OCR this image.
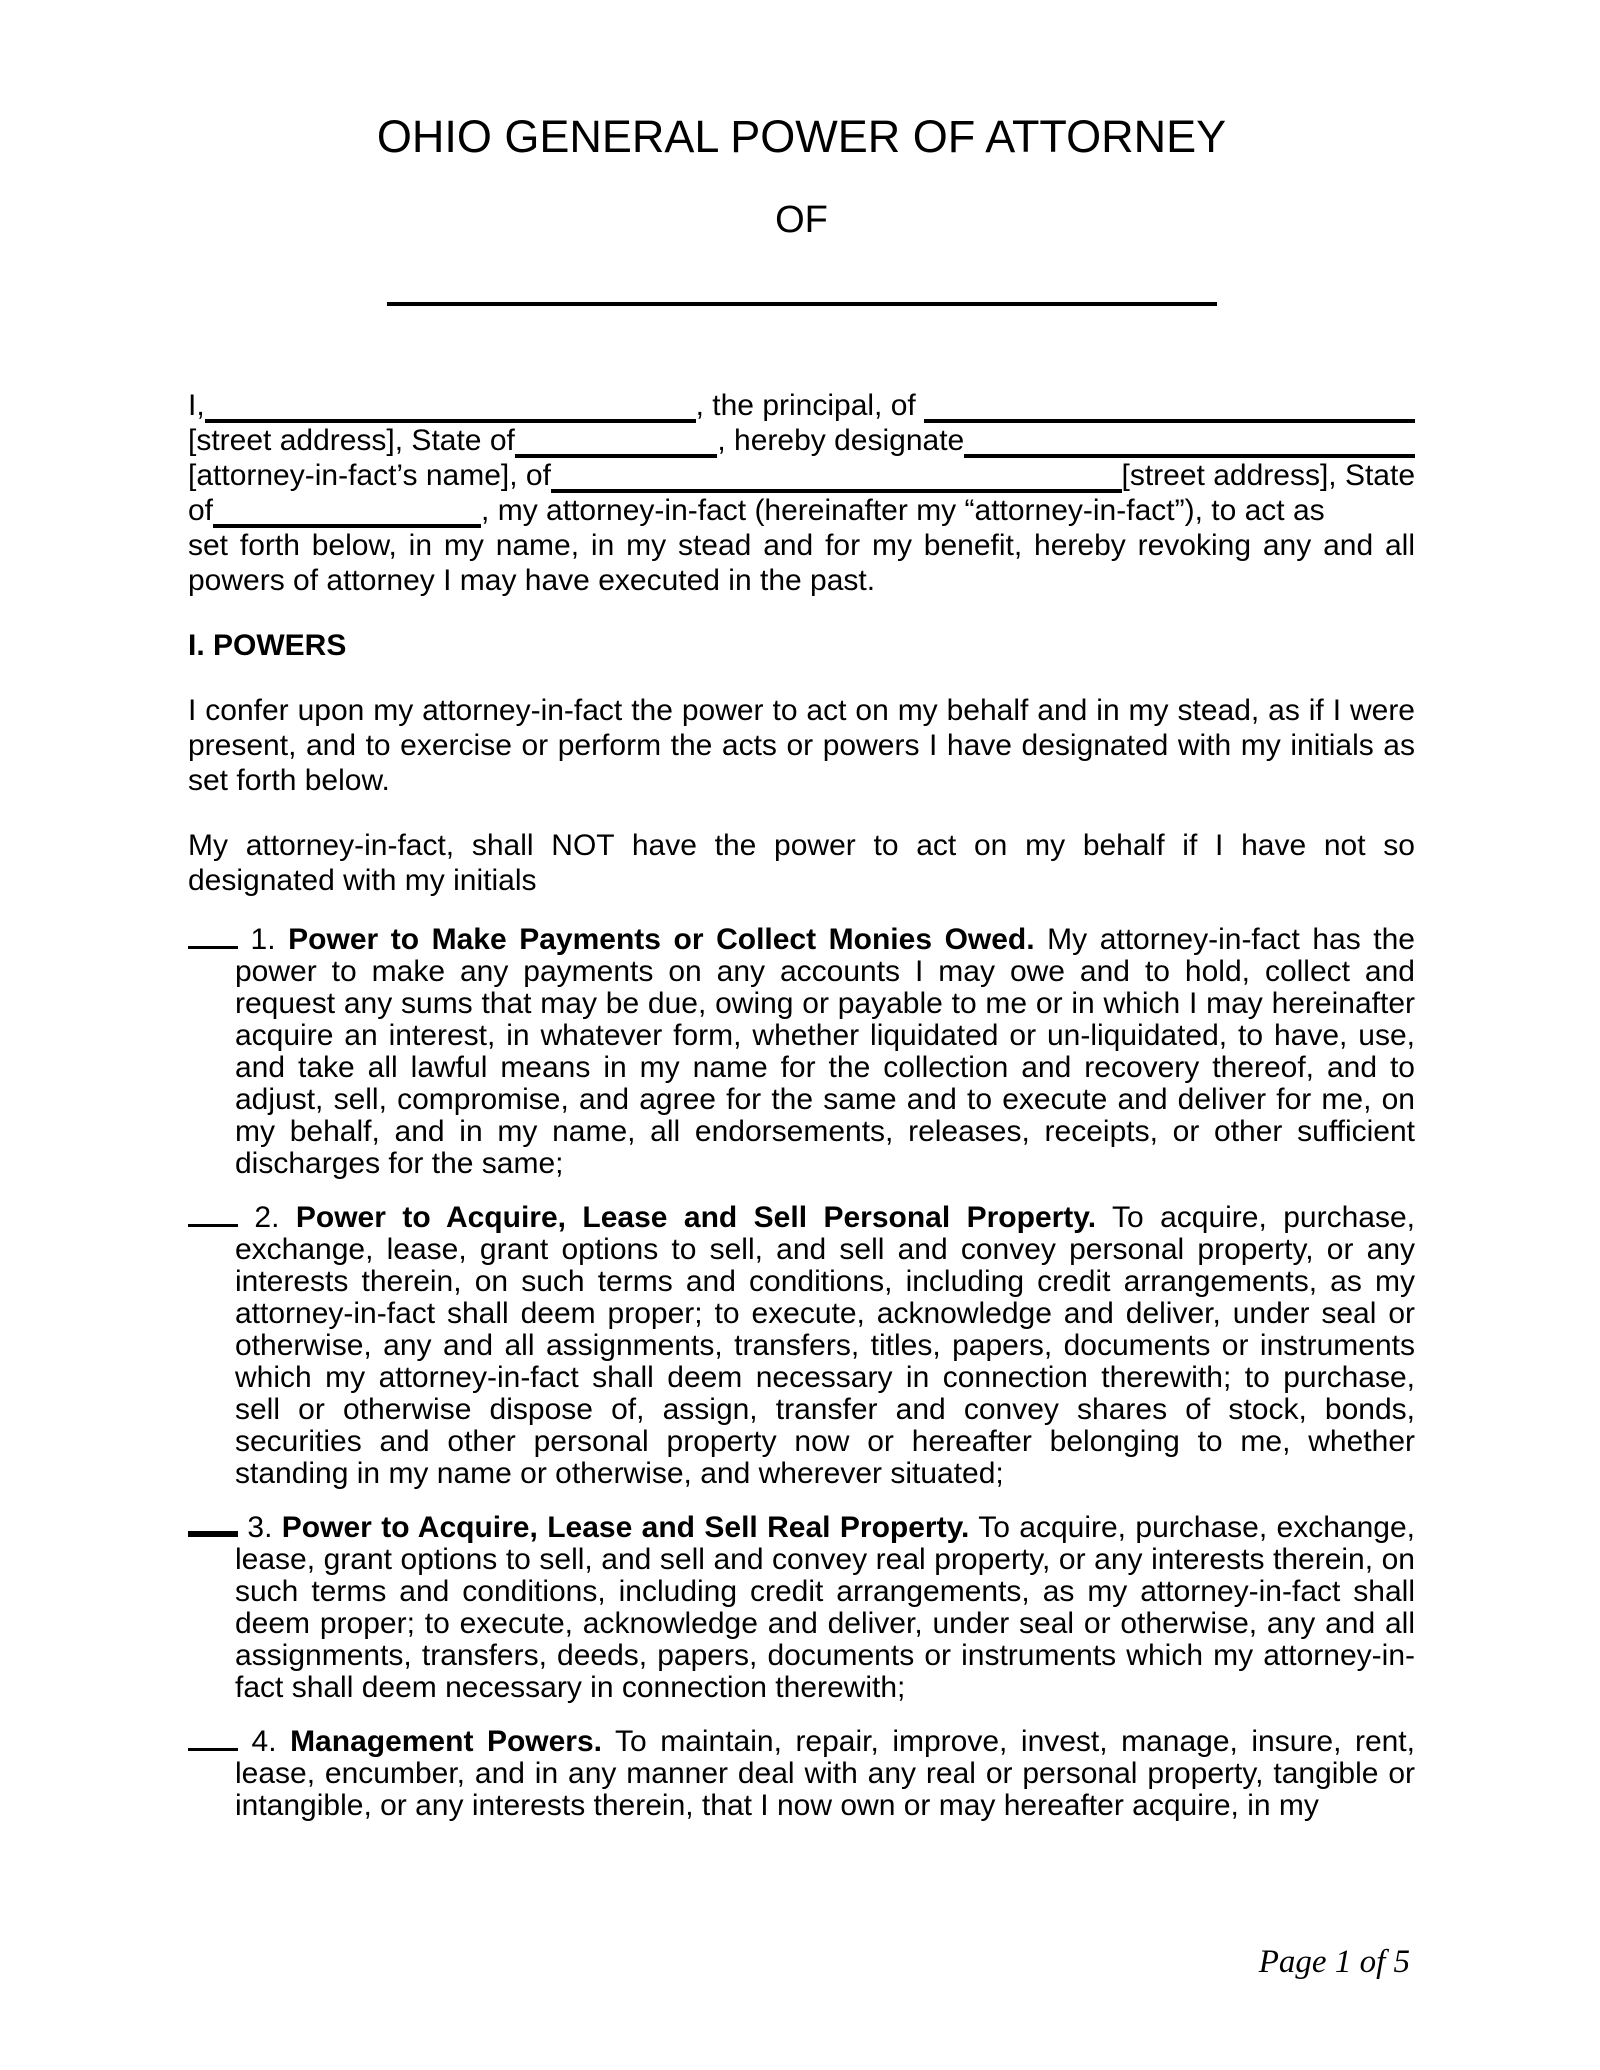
OHIO GENERAL POWER OF ATTORNEY
OF
I,	, the principal, of
[street address], State of	, hereby designate
[attorney-in-fact’s name], of	[street address], State
of	, my attorney-in-fact (hereinafter my “attorney-in-fact”), to act as
set forth below, in my name, in my stead and for my benefit, hereby revoking any and all
powers of attorney I may have executed in the past.

I. POWERS

I confer upon my attorney-in-fact the power to act on my behalf and in my stead, as if I were present, and to exercise or perform the acts or powers I have designated with my initials as set forth below.

My attorney-in-fact, shall NOT have the power to act on my behalf if I have not so designated with my initials

1. Power to Make Payments or Collect Monies Owed. My attorney-in-fact has the power to make any payments on any accounts I may owe and to hold, collect and request any sums that may be due, owing or payable to me or in which I may hereinafter acquire an interest, in whatever form, whether liquidated or un-liquidated, to have, use, and take all lawful means in my name for the collection and recovery thereof, and to adjust, sell, compromise, and agree for the same and to execute and deliver for me, on my behalf, and in my name, all endorsements, releases, receipts, or other sufficient discharges for the same;

2. Power to Acquire, Lease and Sell Personal Property. To acquire, purchase, exchange, lease, grant options to sell, and sell and convey personal property, or any interests therein, on such terms and conditions, including credit arrangements, as my attorney-in-fact shall deem proper; to execute, acknowledge and deliver, under seal or otherwise, any and all assignments, transfers, titles, papers, documents or instruments which my attorney-in-fact shall deem necessary in connection therewith; to purchase, sell or otherwise dispose of, assign, transfer and convey shares of stock, bonds, securities and other personal property now or hereafter belonging to me, whether standing in my name or otherwise, and wherever situated;

3. Power to Acquire, Lease and Sell Real Property. To acquire, purchase, exchange, lease, grant options to sell, and sell and convey real property, or any interests therein, on such terms and conditions, including credit arrangements, as my attorney-in-fact shall deem proper; to execute, acknowledge and deliver, under seal or otherwise, any and all assignments, transfers, deeds, papers, documents or instruments which my attorney-in-fact shall deem necessary in connection therewith;

4. Management Powers. To maintain, repair, improve, invest, manage, insure, rent, lease, encumber, and in any manner deal with any real or personal property, tangible or intangible, or any interests therein, that I now own or may hereafter acquire, in my

Page 1 of 5
